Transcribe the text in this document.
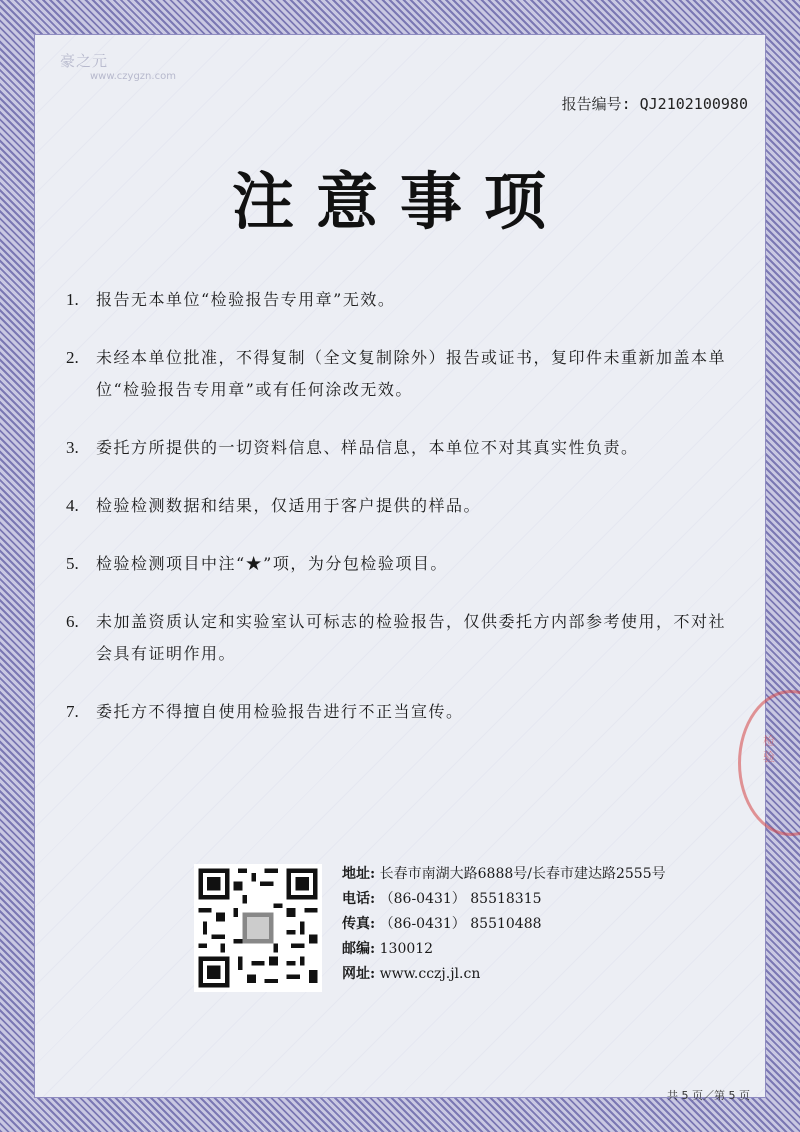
豪之元
www.czygzn.com
报告编号: QJ2102100980
注意事项
1.	报告无本单位“检验报告专用章”无效。
2.	未经本单位批准，不得复制（全文复制除外）报告或证书，复印件未重新加盖本单位“检验报告专用章”或有任何涂改无效。
3.	委托方所提供的一切资料信息、样品信息，本单位不对其真实性负责。
4.	检验检测数据和结果，仅适用于客户提供的样品。
5.	检验检测项目中注“★”项，为分包检验项目。
6.	未加盖资质认定和实验室认可标志的检验报告，仅供委托方内部参考使用，不对社会具有证明作用。
7.	委托方不得擅自使用检验报告进行不正当宣传。
检验
地址: 长春市南湖大路6888号/长春市建达路2555号
电话: （86-0431） 85518315
传真: （86-0431） 85510488
邮编: 130012
网址: www.cczj.jl.cn
共 5 页／第 5 页
